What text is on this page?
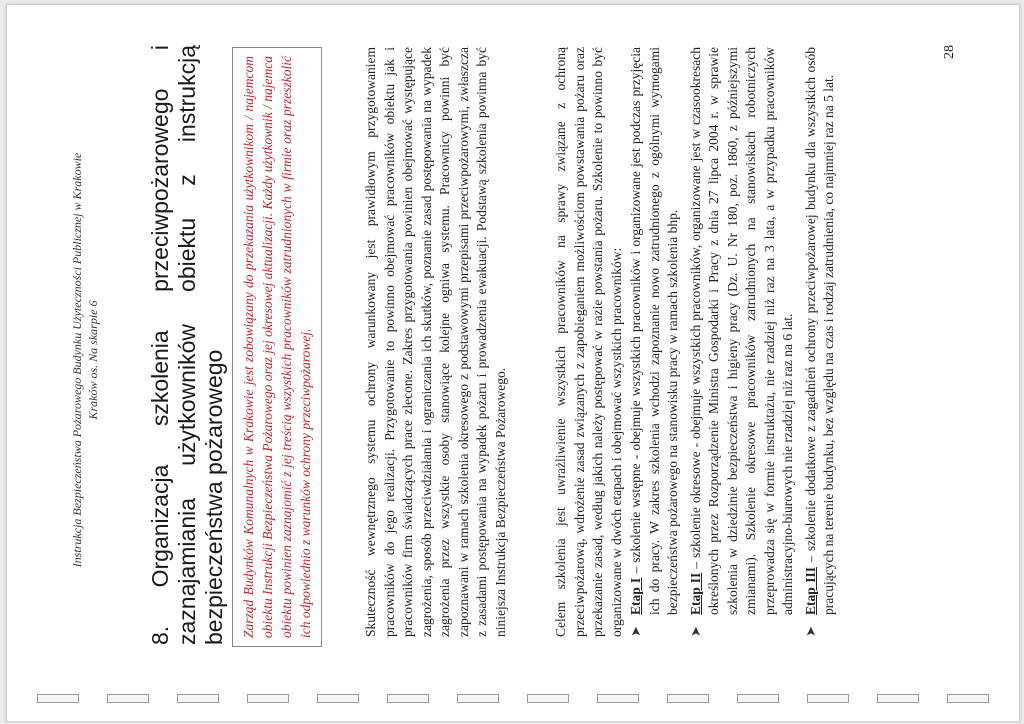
Instrukcja Bezpieczeństwa Pożarowego Budynku Użyteczności Publicznej w Krakowie Kraków os. Na skarpie 6 8. Organizacja szkolenia przeciwpożarowego i zaznajamiania użytkowników obiektu z instrukcją bezpieczeństwa pożarowego	Zarząd Budynków Komunalnych w Krakowie jest zobowiązany do przekazania użytkownikom / najemcom obiektu Instrukcji Bezpieczeństwa Pożarowego oraz jej okresowej aktualizacji. Każdy użytkownik / najemca obiektu powinien zaznajomić z jej treścią wszystkich pracowników zatrudnionych w firmie oraz przeszkolić ich odpowiednio z warunków ochrony przeciwpożarowej.	Skuteczność wewnętrznego systemu ochrony warunkowany jest prawidłowym przygotowaniem pracowników do jego realizacji. Przygotowanie to powinno obejmować pracowników obiektu jak i pracowników firm świadczących prace zlecone. Zakres przygotowania powinien obejmować występujące zagrożenia, sposób przeciwdziałania i ograniczania ich skutków, poznanie zasad postępowania na wypadek zagrożenia przez wszystkie osoby stanowiące kolejne ogniwa systemu. Pracownicy powinni być zapoznawani w ramach szkolenia okresowego z podstawowymi przepisami przeciwpożarowymi, zwłaszcza z zasadami postępowania na wypadek pożaru i prowadzenia ewakuacji. Podstawą szkolenia powinna być niniejsza Instrukcja Bezpieczeństwa Pożarowego.	Celem szkolenia jest uwrażliwienie wszystkich pracowników na sprawy związane z ochroną przeciwpożarową, wdrożenie zasad związanych z zapobieganiem możliwościom powstawania pożaru oraz przekazanie zasad, według jakich należy postępować w razie powstania pożaru. Szkolenie to powinno być organizowane w dwóch etapach i obejmować wszystkich pracowników: ➤
Etap I – szkolenie wstępne - obejmuje wszystkich pracowników i organizowane jest podczas przyjęcia ich do pracy. W zakres szkolenia wchodzi zapoznanie nowo zatrudnionego z ogólnymi wymogami bezpieczeństwa pożarowego na stanowisku pracy w ramach szkolenia bhp.
➤
Etap II – szkolenie okresowe - obejmuje wszystkich pracowników, organizowane jest w czasookresach określonych przez Rozporządzenie Ministra Gospodarki i Pracy z dnia 27 lipca 2004 r. w sprawie szkolenia w dziedzinie bezpieczeństwa i higieny pracy (Dz. U. Nr 180, poz. 1860, z późniejszymi zmianami). Szkolenie okresowe pracowników zatrudnionych na stanowiskach robotniczych przeprowadza się w formie instruktażu, nie rzadziej niż raz na 3 lata, a w przypadku pracowników administracyjno-biurowych nie rzadziej niż raz na 6 lat.
➤
Etap III – szkolenie dodatkowe z zagadnień ochrony przeciwpożarowej budynku dla wszystkich osób pracujących na terenie budynku, bez względu na czas i rodzaj zatrudnienia, co najmniej raz na 5 lat.
28
